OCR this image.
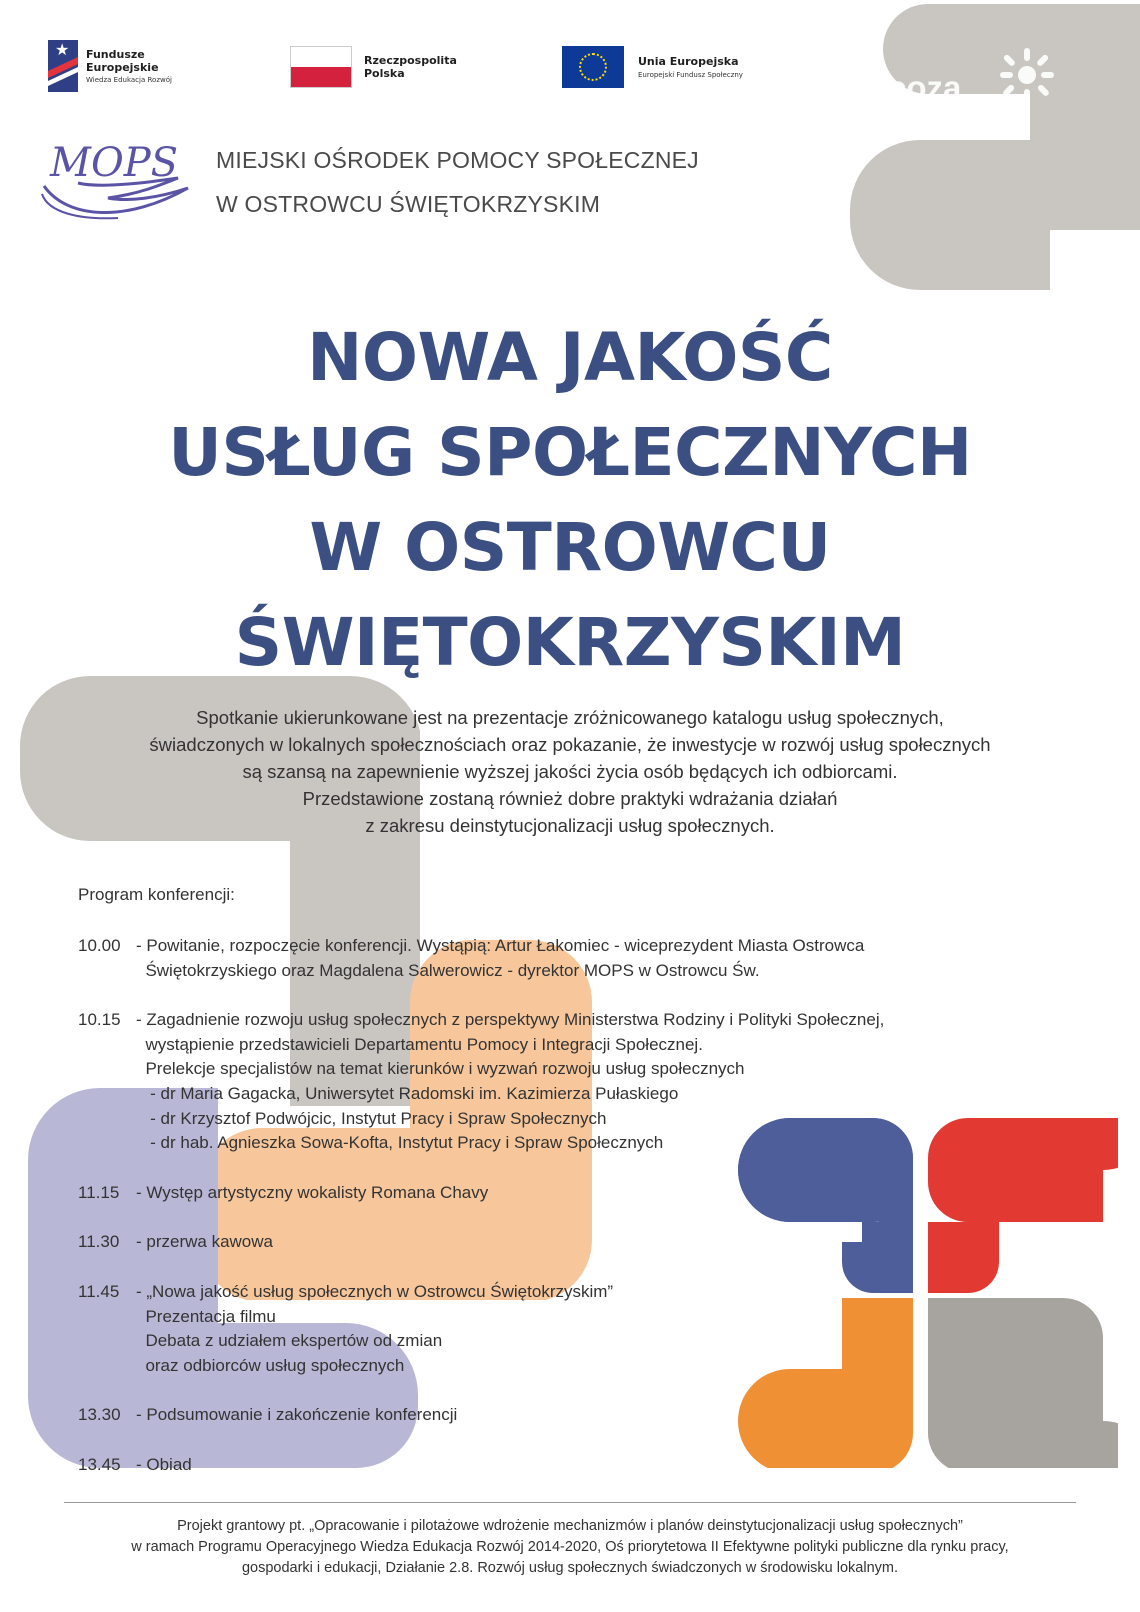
★ Fundusze
Europejskie
Wiedza Edukacja Rozwój
Rzeczpospolita
Polska
Unia Europejska
Europejski Fundusz Społeczny	coza
tiwn.pl
MOPS MIEJSKI OŚRODEK POMOCY SPOŁECZNEJ
W OSTROWCU ŚWIĘTOKRZYSKIM
NOWA JAKOŚĆ
USŁUG SPOŁECZNYCH
W OSTROWCU
ŚWIĘTOKRZYSKIM
Spotkanie ukierunkowane jest na prezentacje zróżnicowanego katalogu usług społecznych,
świadczonych w lokalnych społecznościach oraz pokazanie, że inwestycje w rozwój usług społecznych
są szansą na zapewnienie wyższej jakości życia osób będących ich odbiorcami.
Przedstawione zostaną również dobre praktyki wdrażania działań
z zakresu deinstytucjonalizacji usług społecznych.
Program konferencji:
10.00 - Powitanie, rozpoczęcie konferencji. Wystąpią: Artur Łakomiec - wiceprezydent Miasta Ostrowca
Świętokrzyskiego oraz Magdalena Salwerowicz - dyrektor MOPS w Ostrowcu Św.
10.15 - Zagadnienie rozwoju usług społecznych z perspektywy Ministerstwa Rodziny i Polityki Społecznej,
wystąpienie przedstawicieli Departamentu Pomocy i Integracji Społecznej.
Prelekcje specjalistów na temat kierunków i wyzwań rozwoju usług społecznych
- dr Maria Gagacka, Uniwersytet Radomski im. Kazimierza Pułaskiego
- dr Krzysztof Podwójcic, Instytut Pracy i Spraw Społecznych
- dr hab. Agnieszka Sowa-Kofta, Instytut Pracy i Spraw Społecznych
11.15 - Występ artystyczny wokalisty Romana Chavy
11.30 - przerwa kawowa
11.45 - „Nowa jakość usług społecznych w Ostrowcu Świętokrzyskim”
Prezentacja filmu
Debata z udziałem ekspertów od zmian
oraz odbiorców usług społecznych
13.30 - Podsumowanie i zakończenie konferencji
13.45 - Obiad
Projekt grantowy pt. „Opracowanie i pilotażowe wdrożenie mechanizmów i planów deinstytucjonalizacji usług społecznych”
w ramach Programu Operacyjnego Wiedza Edukacja Rozwój 2014-2020, Oś priorytetowa II Efektywne polityki publiczne dla rynku pracy,
gospodarki i edukacji, Działanie 2.8. Rozwój usług społecznych świadczonych w środowisku lokalnym.
